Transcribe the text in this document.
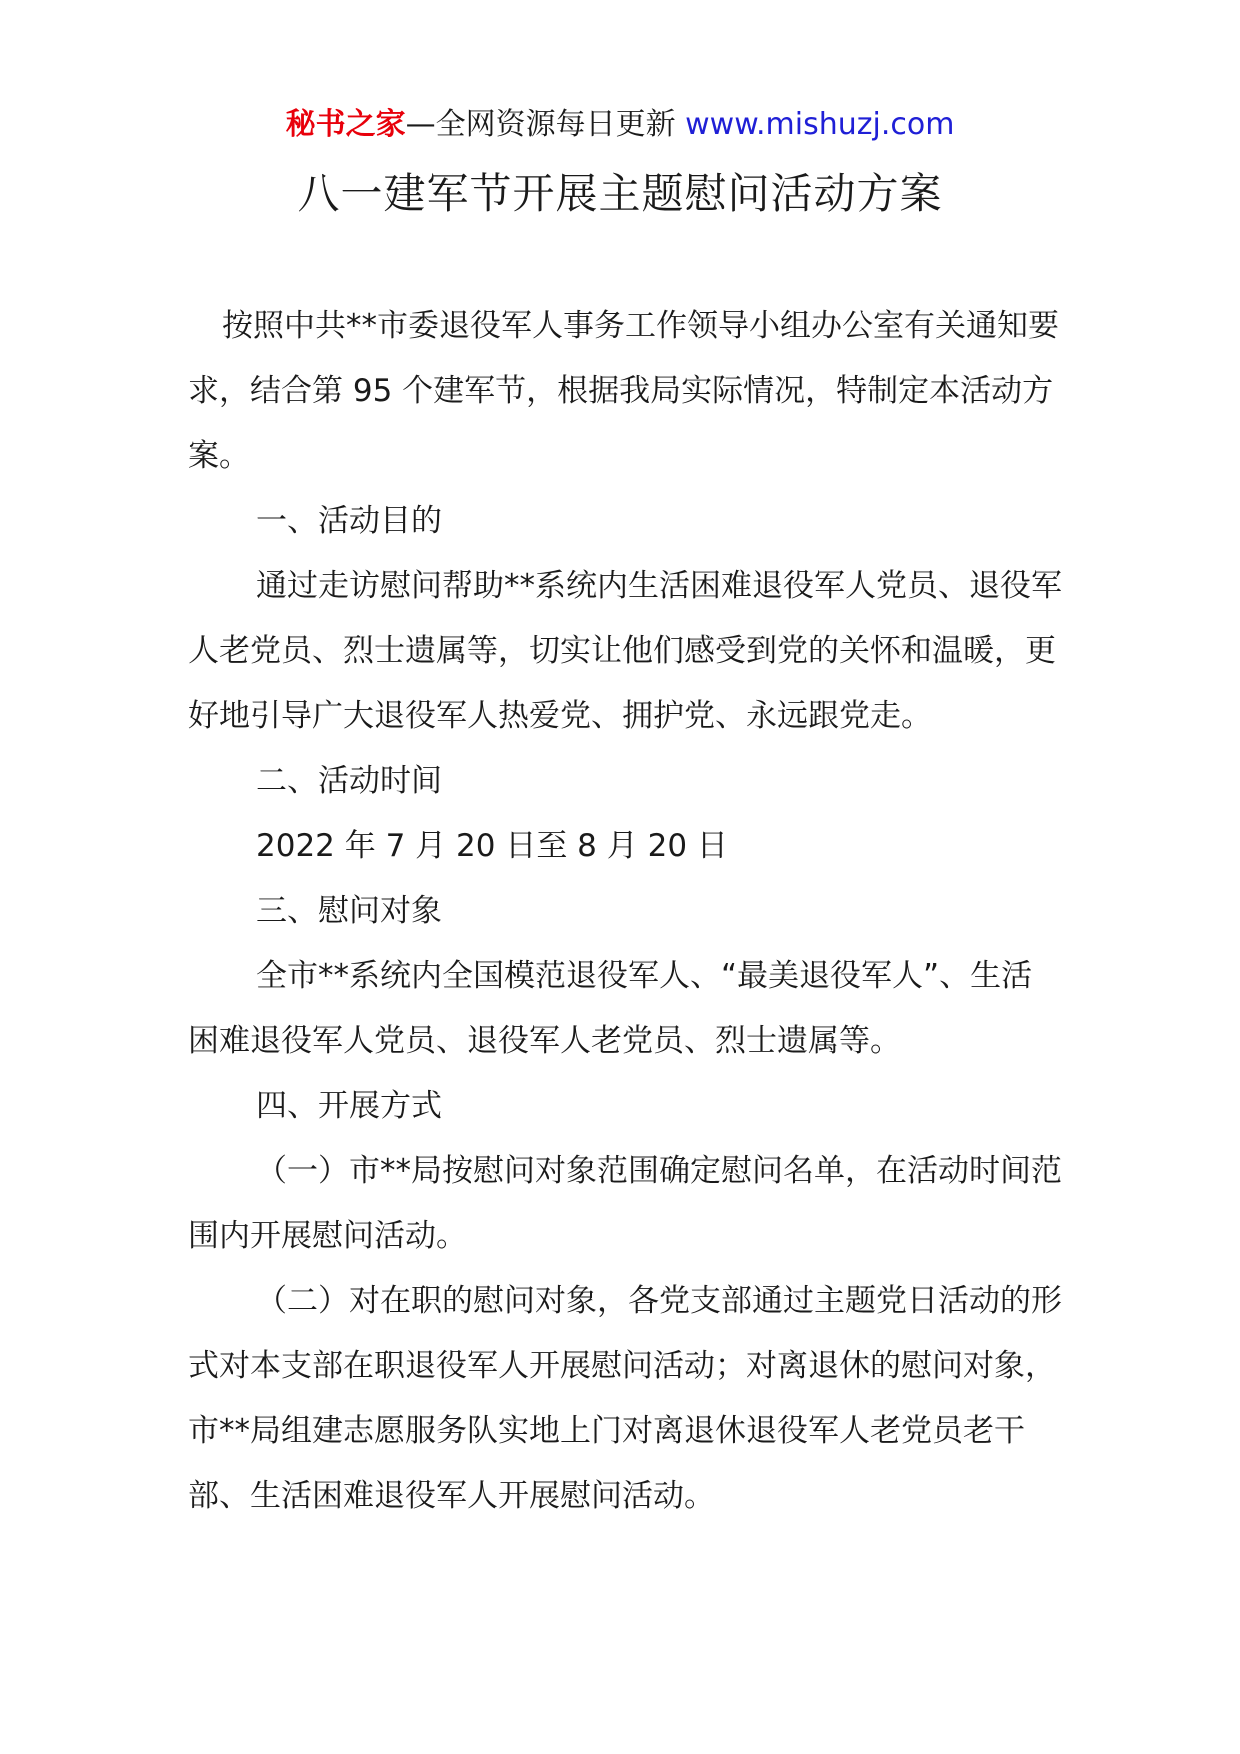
秘书之家—全网资源每日更新 www.mishuzj.com
八一建军节开展主题慰问活动方案

按照中共**市委退役军人事务工作领导小组办公室有关通知要求，结合第 95 个建军节，根据我局实际情况，特制定本活动方案。

一、活动目的

通过走访慰问帮助**系统内生活困难退役军人党员、退役军人老党员、烈士遗属等，切实让他们感受到党的关怀和温暖，更好地引导广大退役军人热爱党、拥护党、永远跟党走。

二、活动时间

2022 年 7 月 20 日至 8 月 20 日

三、慰问对象

全市**系统内全国模范退役军人、“最美退役军人”、生活困难退役军人党员、退役军人老党员、烈士遗属等。

四、开展方式

（一）市**局按慰问对象范围确定慰问名单，在活动时间范围内开展慰问活动。

（二）对在职的慰问对象，各党支部通过主题党日活动的形式对本支部在职退役军人开展慰问活动；对离退休的慰问对象，市**局组建志愿服务队实地上门对离退休退役军人老党员老干部、生活困难退役军人开展慰问活动。
